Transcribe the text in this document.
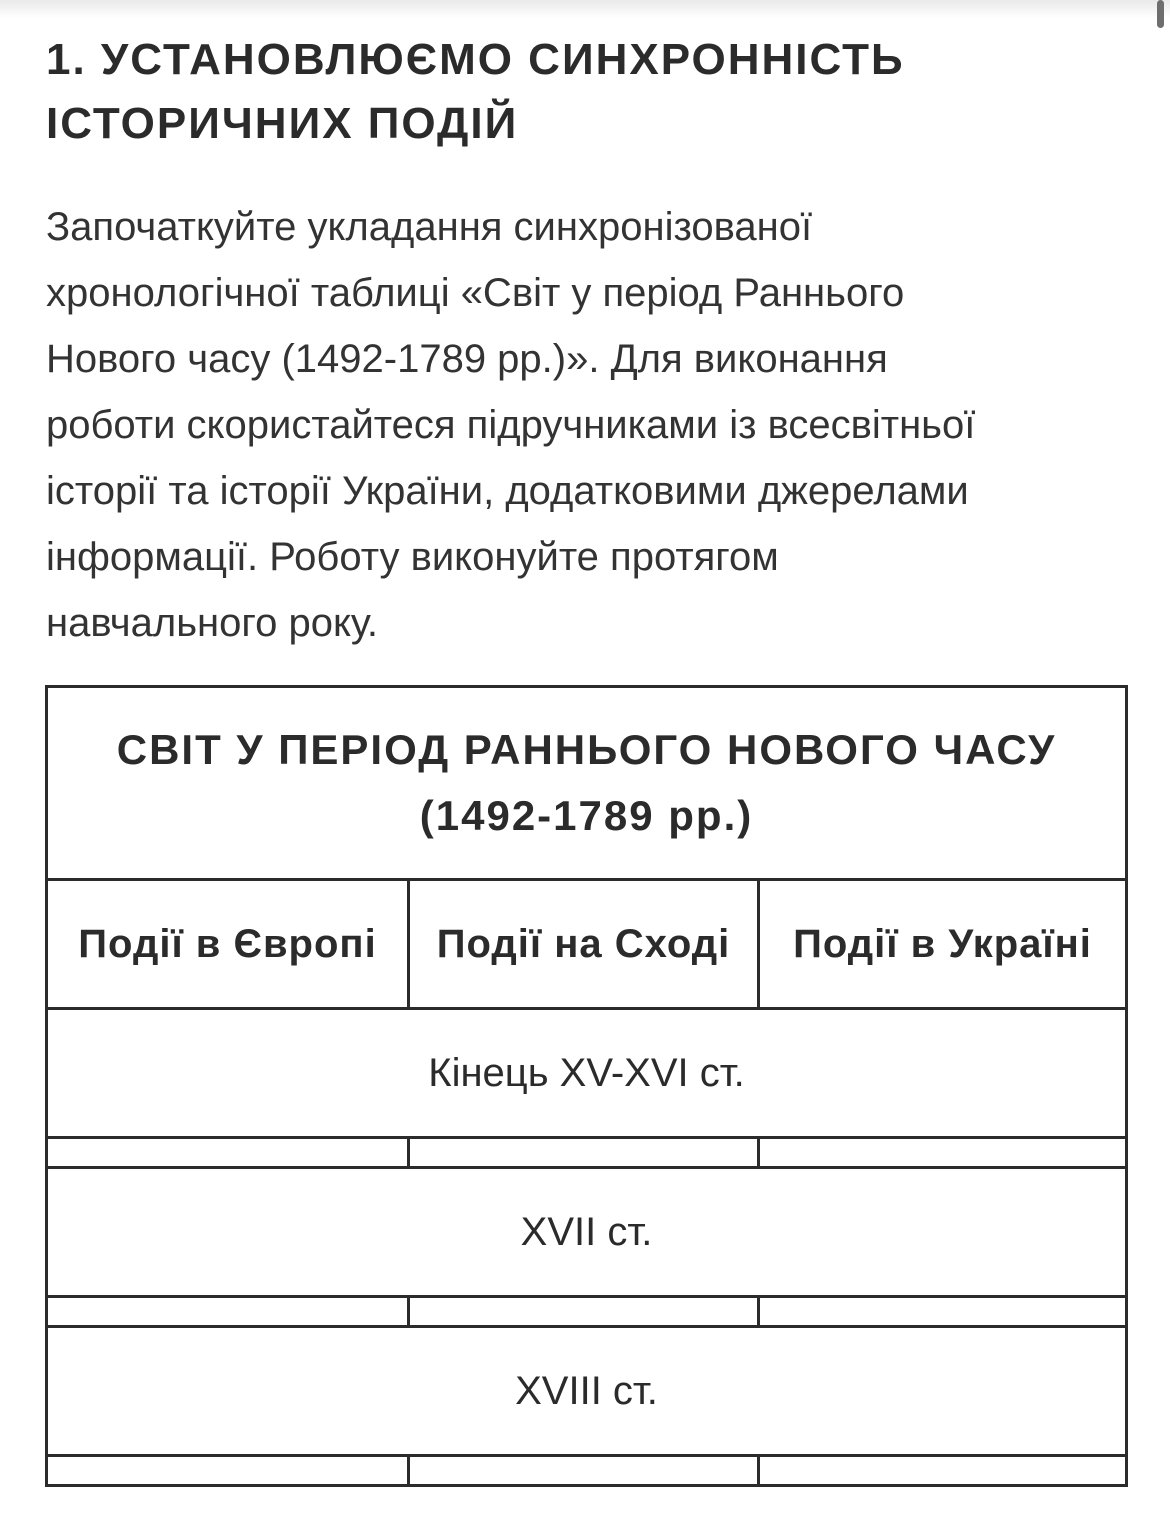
1. УСТАНОВЛЮЄМО СИНХРОННІСТЬ
ІСТОРИЧНИХ ПОДІЙ

Започаткуйте укладання синхронізованої
хронологічної таблиці «Світ у період Раннього
Нового часу (1492-1789 рр.)». Для виконання
роботи скористайтеся підручниками із всесвітньої
історії та історії України, додатковими джерелами
інформації. Роботу виконуйте протягом
навчального року.

СВІТ У ПЕРІОД РАННЬОГО НОВОГО ЧАСУ
(1492-1789 рр.)		

Події в Європі	Події на Сході	Події в Україні
Кінець XV-XVI ст.		

XVII ст.		

XVIII ст.		
